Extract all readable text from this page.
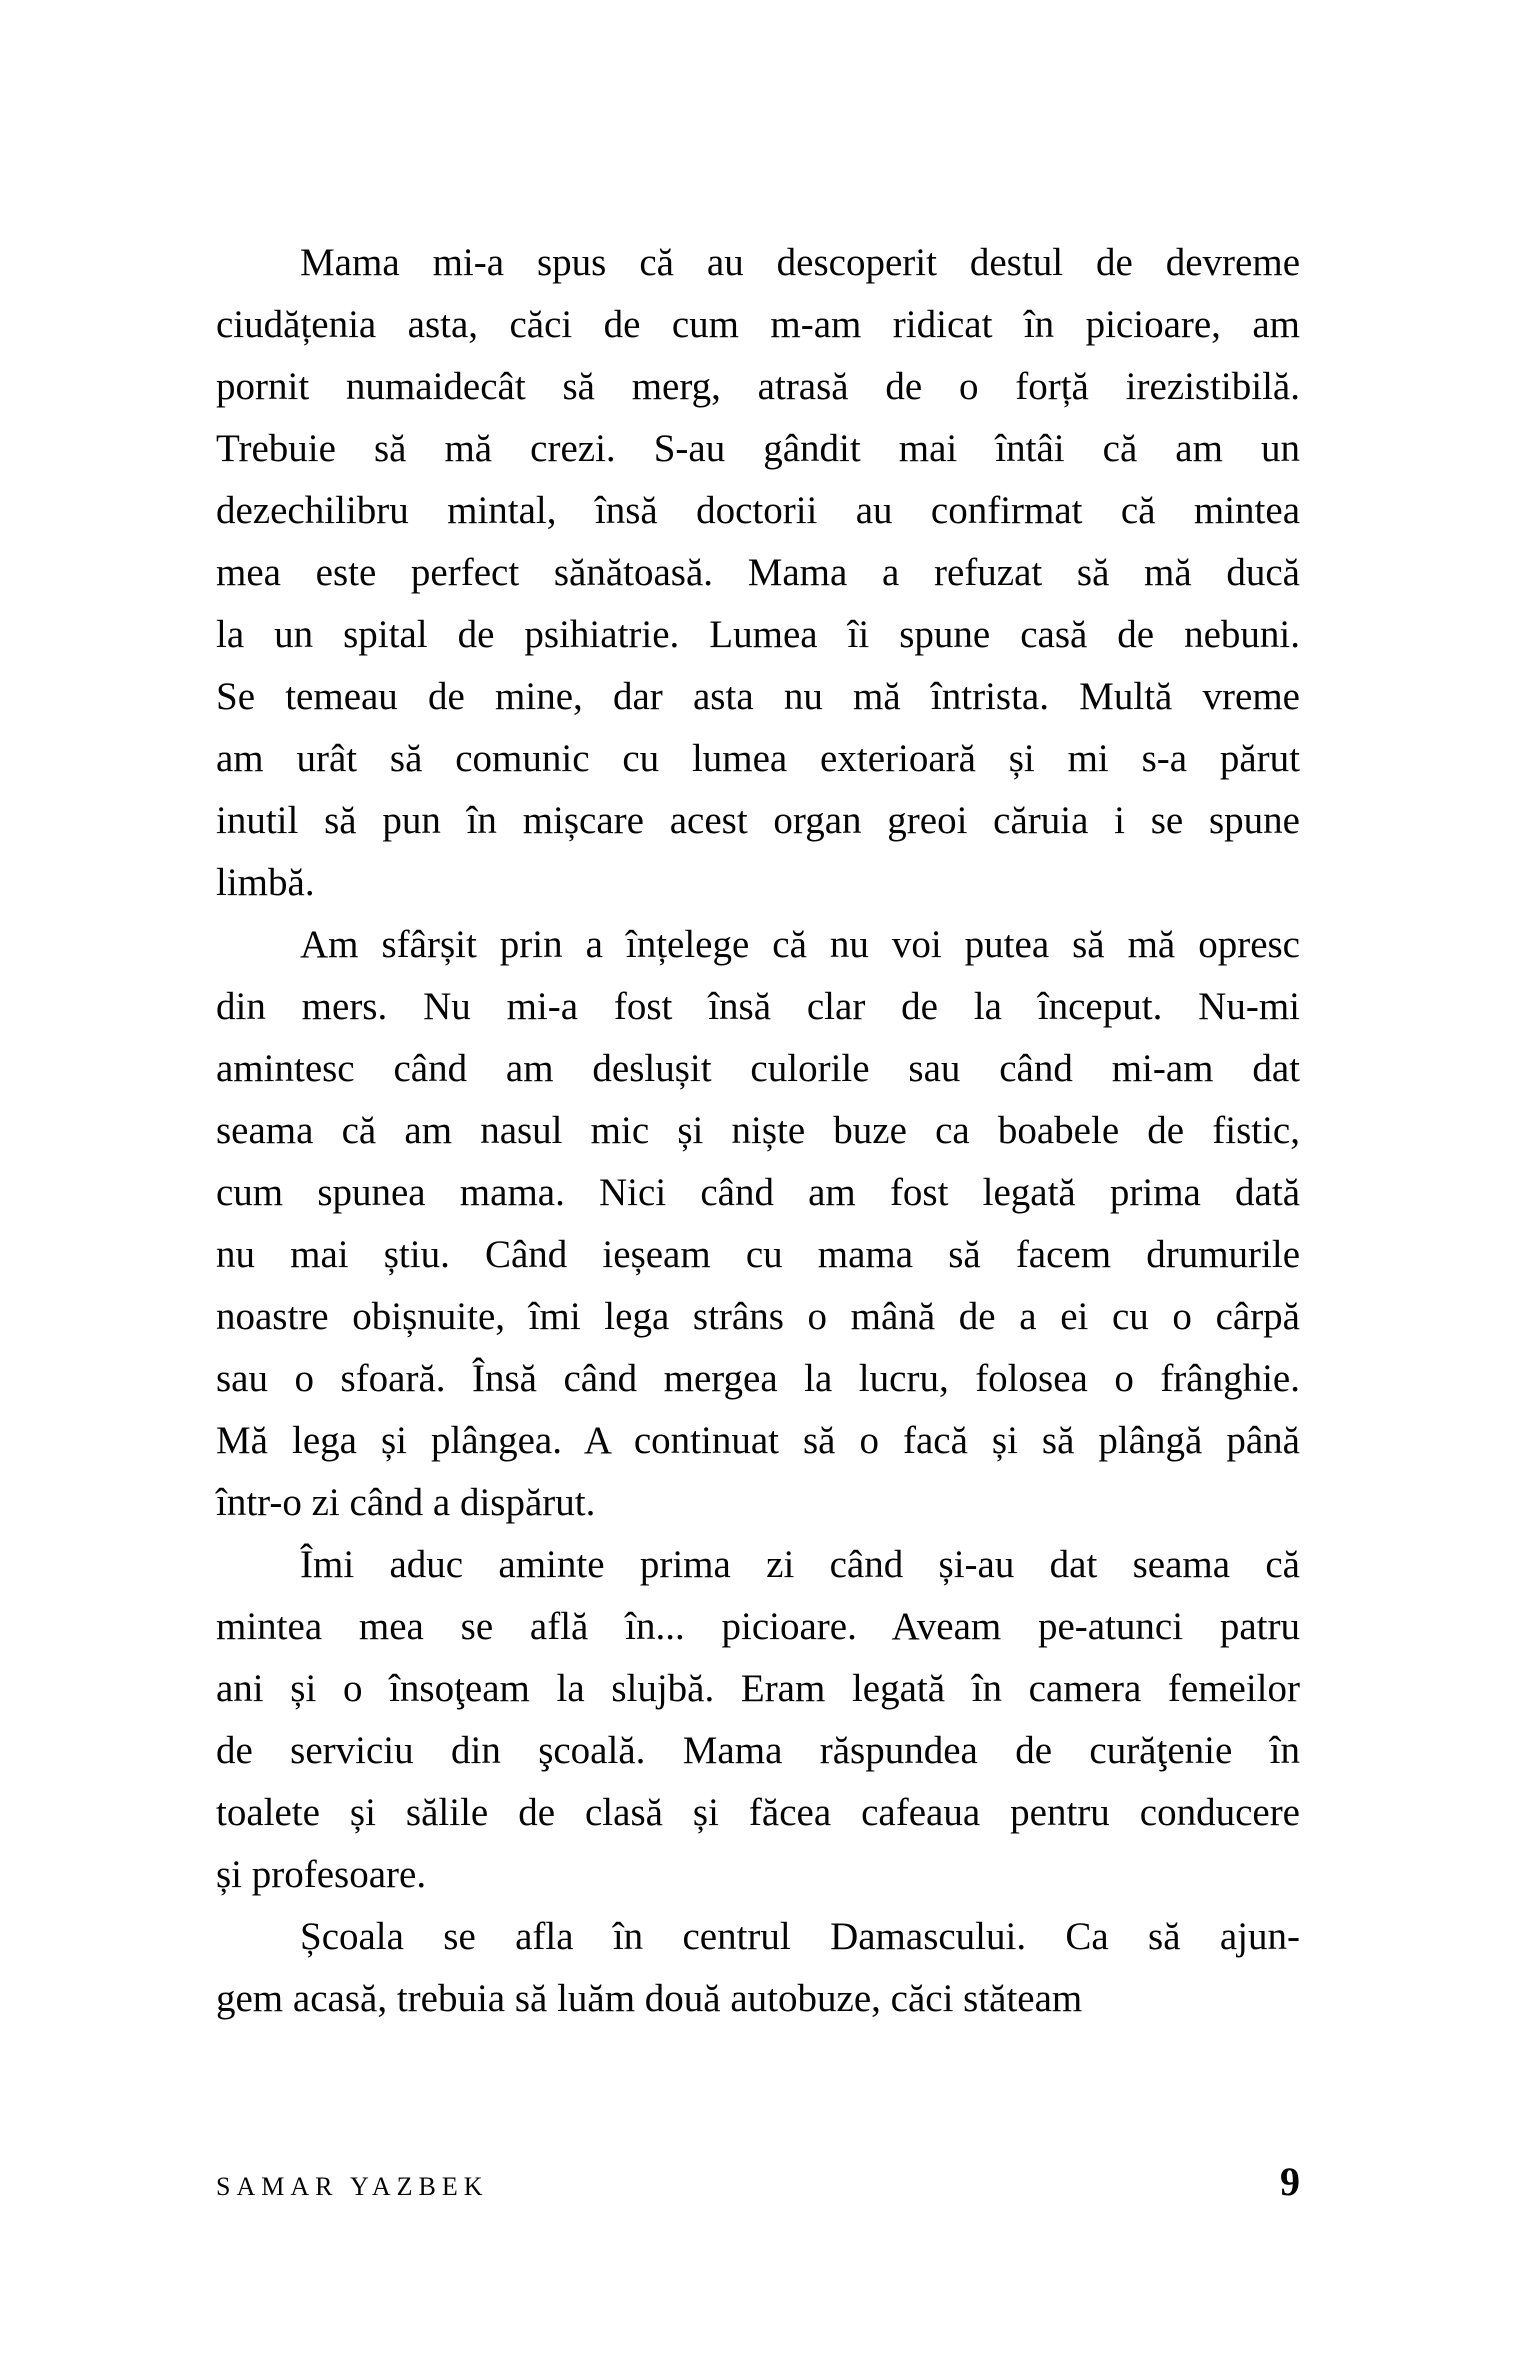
Mama mi-a spus că au descoperit destul de devreme
ciudățenia asta, căci de cum m-am ridicat în picioare, am
pornit numaidecât să merg, atrasă de o forță irezistibilă.
Trebuie să mă crezi. S-au gândit mai întâi că am un
dezechilibru mintal, însă doctorii au confirmat că mintea
mea este perfect sănătoasă. Mama a refuzat să mă ducă
la un spital de psihiatrie. Lumea îi spune casă de nebuni.
Se temeau de mine, dar asta nu mă întrista. Multă vreme
am urât să comunic cu lumea exterioară și mi s-a părut
inutil să pun în mișcare acest organ greoi căruia i se spune
limbă.
Am sfârșit prin a înțelege că nu voi putea să mă opresc
din mers. Nu mi-a fost însă clar de la început. Nu-mi
amintesc când am deslușit culorile sau când mi-am dat
seama că am nasul mic și niște buze ca boabele de fistic,
cum spunea mama. Nici când am fost legată prima dată
nu mai știu. Când ieșeam cu mama să facem drumurile
noastre obișnuite, îmi lega strâns o mână de a ei cu o cârpă
sau o sfoară. Însă când mergea la lucru, folosea o frânghie.
Mă lega și plângea. A continuat să o facă și să plângă până
într-o zi când a dispărut.
Îmi aduc aminte prima zi când și-au dat seama că
mintea mea se află în... picioare. Aveam pe-atunci patru
ani și o însoţeam la slujbă. Eram legată în camera femeilor
de serviciu din şcoală. Mama răspundea de curăţenie în
toalete și sălile de clasă și făcea cafeaua pentru conducere
și profesoare.
Școala se afla în centrul Damascului. Ca să ajun-
gem acasă, trebuia să luăm două autobuze, căci stăteam
SAMAR YAZBEK	9
